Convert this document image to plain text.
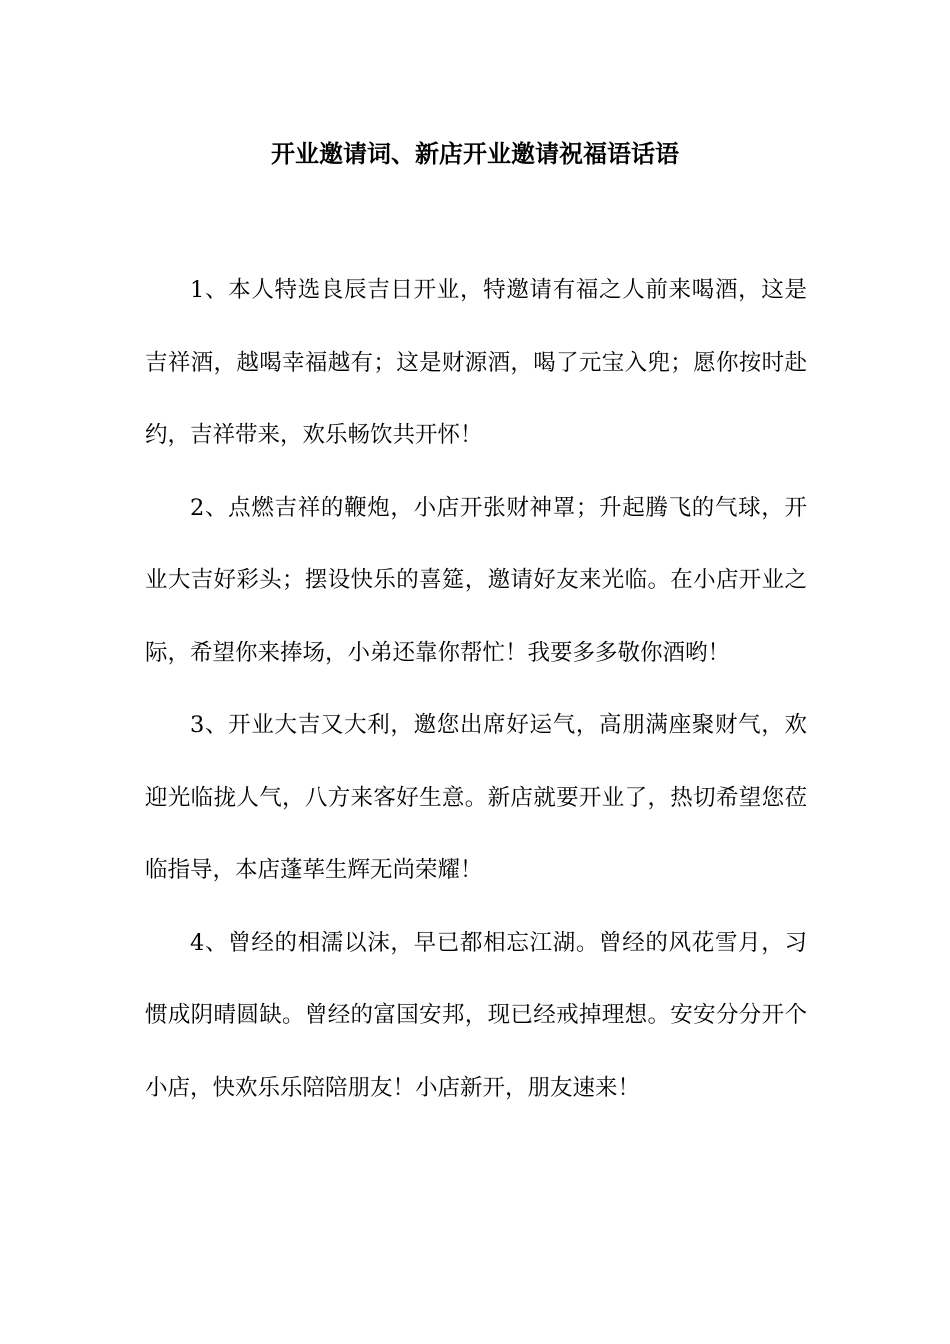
开业邀请词、新店开业邀请祝福语话语

1、本人特选良辰吉日开业，特邀请有福之人前来喝酒，这是吉祥酒，越喝幸福越有；这是财源酒，喝了元宝入兜；愿你按时赴约，吉祥带来，欢乐畅饮共开怀！

2、点燃吉祥的鞭炮，小店开张财神罩；升起腾飞的气球，开业大吉好彩头；摆设快乐的喜筵，邀请好友来光临。在小店开业之际，希望你来捧场，小弟还靠你帮忙！我要多多敬你酒哟！

3、开业大吉又大利，邀您出席好运气，高朋满座聚财气，欢迎光临拢人气，八方来客好生意。新店就要开业了，热切希望您莅临指导，本店蓬荜生辉无尚荣耀！

4、曾经的相濡以沫，早已都相忘江湖。曾经的风花雪月，习惯成阴晴圆缺。曾经的富国安邦，现已经戒掉理想。安安分分开个小店，快欢乐乐陪陪朋友！小店新开，朋友速来！
